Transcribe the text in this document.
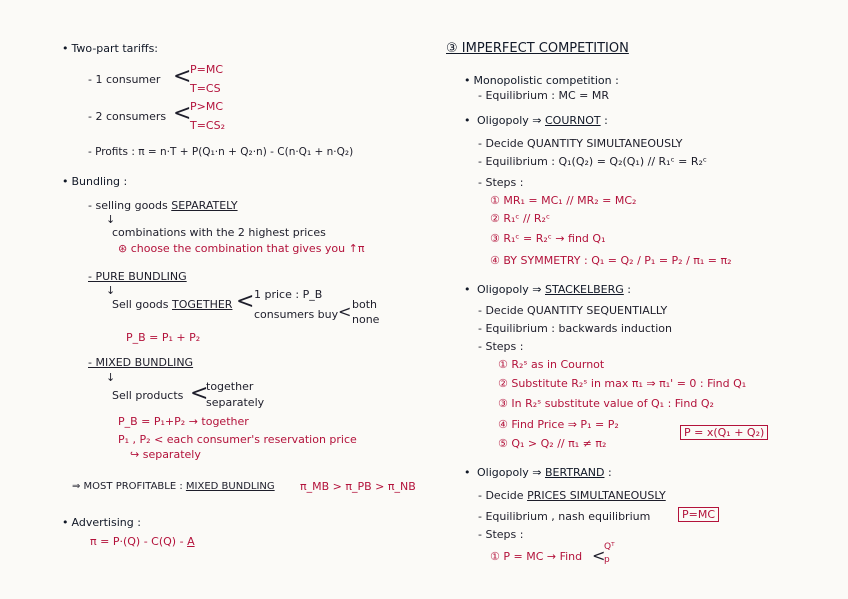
• Two-part tariffs:
- 1 consumer <
P=MC
T=CS
- 2 consumers <
P>MC
T=CS₂
- Profits : π = n·T + P(Q₁·n + Q₂·n) - C(n·Q₁ + n·Q₂)
• Bundling :
- selling goods SEPARATELY
↓
combinations with the 2 highest prices
⊛ choose the combination that gives you ↑π
- PURE BUNDLING
↓
Sell goods TOGETHER < 1 price : P_B
consumers buy < both
none
P_B = P₁ + P₂
- MIXED BUNDLING
↓
Sell products <
together
separately
P_B = P₁+P₂ → together
P₁ , P₂ < each consumer's reservation price
↪ separately
⇒ MOST PROFITABLE : MIXED BUNDLING π_MB > π_PB > π_NB
• Advertising :
π = P·(Q) - C(Q) - A
③ IMPERFECT COMPETITION
• Monopolistic competition :
- Equilibrium : MC = MR
• Oligopoly ⇒ COURNOT :
- Decide QUANTITY SIMULTANEOUSLY
- Equilibrium : Q₁(Q₂) = Q₂(Q₁) // R₁ᶜ = R₂ᶜ
- Steps :
① MR₁ = MC₁ // MR₂ = MC₂
② R₁ᶜ // R₂ᶜ
③ R₁ᶜ = R₂ᶜ → find Q₁
④ BY SYMMETRY : Q₁ = Q₂ / P₁ = P₂ / π₁ = π₂
• Oligopoly ⇒ STACKELBERG :
- Decide QUANTITY SEQUENTIALLY
- Equilibrium : backwards induction
- Steps :
① R₂ˢ as in Cournot
② Substitute R₂ˢ in max π₁ ⇒ π₁' = 0 : Find Q₁
③ In R₂ˢ substitute value of Q₁ : Find Q₂
④ Find Price ⇒ P₁ = P₂
P = x(Q₁ + Q₂)
⑤ Q₁ > Q₂ // π₁ ≠ π₂
• Oligopoly ⇒ BERTRAND :
- Decide PRICES SIMULTANEOUSLY
- Equilibrium , nash equilibrium	P=MC
- Steps :
① P = MC → Find <
Qᵀ
p
